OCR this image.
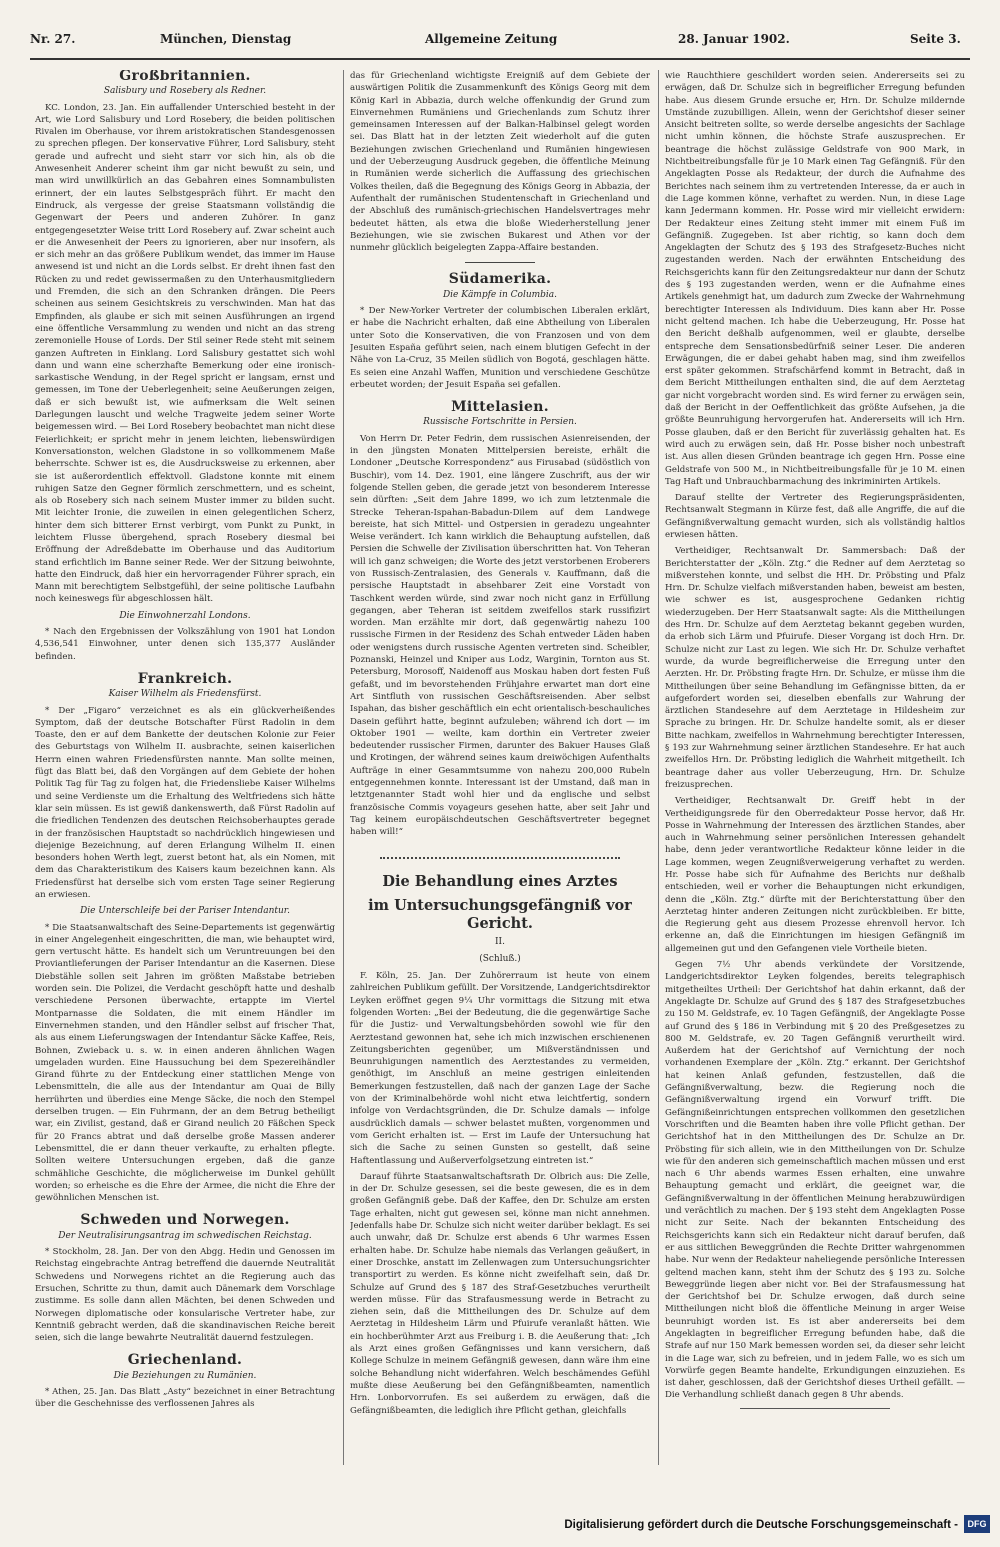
Nr. 27.	München, Dienstag	Allgemeine Zeitung	28. Januar 1902.	Seite 3.
Großbritannien.
Salisbury und Rosebery als Redner.

KC. London, 23. Jan. Ein auffallender Unterschied besteht in der Art, wie Lord Salisbury und Lord Rosebery, die beiden politischen Rivalen im Oberhause, vor ihrem aristokratischen Standesgenossen zu sprechen pflegen. Der konservative Führer, Lord Salisbury, steht gerade und aufrecht und sieht starr vor sich hin, als ob die Anwesenheit Anderer scheint ihm gar nicht bewußt zu sein, und man wird unwillkürlich an das Gebahren eines Somnambulisten erinnert, der ein lautes Selbstgespräch führt. Er macht den Eindruck, als vergesse der greise Staatsmann vollständig die Gegenwart der Peers und anderen Zuhörer. In ganz entgegengesetzter Weise tritt Lord Rosebery auf. Zwar scheint auch er die Anwesenheit der Peers zu ignorieren, aber nur insofern, als er sich mehr an das größere Publikum wendet, das immer im Hause anwesend ist und nicht an die Lords selbst. Er dreht ihnen fast den Rücken zu und redet gewissermaßen zu den Unterhausmitgliedern und Fremden, die sich an den Schranken drängen. Die Peers scheinen aus seinem Gesichtskreis zu verschwinden. Man hat das Empfinden, als glaube er sich mit seinen Ausführungen an irgend eine öffentliche Versammlung zu wenden und nicht an das streng zeremonielle House of Lords. Der Stil seiner Rede steht mit seinem ganzen Auftreten in Einklang. Lord Salisbury gestattet sich wohl dann und wann eine scherzhafte Bemerkung oder eine ironisch-sarkastische Wendung, in der Regel spricht er langsam, ernst und gemessen, im Tone der Ueberlegenheit; seine Aeußerungen zeigen, daß er sich bewußt ist, wie aufmerksam die Welt seinen Darlegungen lauscht und welche Tragweite jedem seiner Worte beigemessen wird. — Bei Lord Rosebery beobachtet man nicht diese Feierlichkeit; er spricht mehr in jenem leichten, liebenswürdigen Konversationston, welchen Gladstone in so vollkommenem Maße beherrschte. Schwer ist es, die Ausdrucksweise zu erkennen, aber sie ist außerordentlich effektvoll. Gladstone konnte mit einem ruhigen Satze den Gegner förmlich zerschmettern, und es scheint, als ob Rosebery sich nach seinem Muster immer zu bilden sucht. Mit leichter Ironie, die zuweilen in einen gelegentlichen Scherz, hinter dem sich bitterer Ernst verbirgt, vom Punkt zu Punkt, in leichtem Flusse übergehend, sprach Rosebery diesmal bei Eröffnung der Adreßdebatte im Oberhause und das Auditorium stand erfichtlich im Banne seiner Rede. Wer der Sitzung beiwohnte, hatte den Eindruck, daß hier ein hervorragender Führer sprach, ein Mann mit berechtigtem Selbstgefühl, der seine politische Laufbahn noch keineswegs für abgeschlossen hält.

Die Einwohnerzahl Londons.

* Nach den Ergebnissen der Volkszählung von 1901 hat London 4,536,541 Einwohner, unter denen sich 135,377 Ausländer befinden.

Frankreich.
Kaiser Wilhelm als Friedensfürst.

* Der „Figaro“ verzeichnet es als ein glückverheißendes Symptom, daß der deutsche Botschafter Fürst Radolin in dem Toaste, den er auf dem Bankette der deutschen Kolonie zur Feier des Geburtstags von Wilhelm II. ausbrachte, seinen kaiserlichen Herrn einen wahren Friedensfürsten nannte. Man sollte meinen, fügt das Blatt bei, daß den Vorgängen auf dem Gebiete der hohen Politik Tag für Tag zu folgen hat, die Friedensliebe Kaiser Wilhelms und seine Verdienste um die Erhaltung des Weltfriedens sich hätte klar sein müssen. Es ist gewiß dankenswerth, daß Fürst Radolin auf die friedlichen Tendenzen des deutschen Reichsoberhauptes gerade in der französischen Hauptstadt so nachdrücklich hingewiesen und diejenige Bezeichnung, auf deren Erlangung Wilhelm II. einen besonders hohen Werth legt, zuerst betont hat, als ein Nomen, mit dem das Charakteristikum des Kaisers kaum bezeichnen kann. Als Friedensfürst hat derselbe sich vom ersten Tage seiner Regierung an erwiesen.

Die Unterschleife bei der Pariser Intendantur.

* Die Staatsanwaltschaft des Seine-Departements ist gegenwärtig in einer Angelegenheit eingeschritten, die man, wie behauptet wird, gern vertuscht hätte. Es handelt sich um Veruntreuungen bei den Proviantlieferungen der Pariser Intendantur an die Kasernen. Diese Diebstähle sollen seit Jahren im größten Maßstabe betrieben worden sein. Die Polizei, die Verdacht geschöpft hatte und deshalb verschiedene Personen überwachte, ertappte im Viertel Montparnasse die Soldaten, die mit einem Händler im Einvernehmen standen, und den Händler selbst auf frischer That, als aus einem Lieferungswagen der Intendantur Säcke Kaffee, Reis, Bohnen, Zwieback u. s. w. in einen anderen ähnlichen Wagen umgeladen wurden. Eine Haussuchung bei dem Spezereihändler Girand führte zu der Entdeckung einer stattlichen Menge von Lebensmitteln, die alle aus der Intendantur am Quai de Billy herrührten und überdies eine Menge Säcke, die noch den Stempel derselben trugen. — Ein Fuhrmann, der an dem Betrug betheiligt war, ein Zivilist, gestand, daß er Girand neulich 20 Fäßchen Speck für 20 Francs abtrat und daß derselbe große Massen anderer Lebensmittel, die er dann theuer verkaufte, zu erhalten pflegte. Sollten weitere Untersuchungen ergeben, daß die ganze schmähliche Geschichte, die möglicherweise im Dunkel gehüllt worden; so erheische es die Ehre der Armee, die nicht die Ehre der gewöhnlichen Menschen ist.

Schweden und Norwegen.
Der Neutralisirungsantrag im schwedischen Reichstag.

* Stockholm, 28. Jan. Der von den Abgg. Hedin und Genossen im Reichstag eingebrachte Antrag betreffend die dauernde Neutralität Schwedens und Norwegens richtet an die Regierung auch das Ersuchen, Schritte zu thun, damit auch Dänemark dem Vorschlage zustimme. Es solle dann allen Mächten, bei denen Schweden und Norwegen diplomatische oder konsularische Vertreter habe, zur Kenntniß gebracht werden, daß die skandinavischen Reiche bereit seien, sich die lange bewahrte Neutralität dauernd festzulegen.

Griechenland.
Die Beziehungen zu Rumänien.

* Athen, 25. Jan. Das Blatt „Asty“ bezeichnet in einer Betrachtung über die Geschehnisse des verflossenen Jahres als

das für Griechenland wichtigste Ereigniß auf dem Gebiete der auswärtigen Politik die Zusammenkunft des Königs Georg mit dem König Karl in Abbazia, durch welche offenkundig der Grund zum Einvernehmen Rumäniens und Griechenlands zum Schutz ihrer gemeinsamen Interessen auf der Balkan-Halbinsel gelegt worden sei. Das Blatt hat in der letzten Zeit wiederholt auf die guten Beziehungen zwischen Griechenland und Rumänien hingewiesen und der Ueberzeugung Ausdruck gegeben, die öffentliche Meinung in Rumänien werde sicherlich die Auffassung des griechischen Volkes theilen, daß die Begegnung des Königs Georg in Abbazia, der Aufenthalt der rumänischen Studentenschaft in Griechenland und der Abschluß des rumänisch-griechischen Handelsvertrages mehr bedeutet hätten, als etwa die bloße Wiederherstellung jener Beziehungen, wie sie zwischen Bukarest und Athen vor der nunmehr glücklich beigelegten Zappa-Affaire bestanden.

Südamerika.
Die Kämpfe in Columbia.

* Der New-Yorker Vertreter der columbischen Liberalen erklärt, er habe die Nachricht erhalten, daß eine Abtheilung von Liberalen unter Soto die Konservativen, die von Franzosen und von dem Jesuiten España geführt seien, nach einem blutigen Gefecht in der Nähe von La-Cruz, 35 Meilen südlich von Bogotá, geschlagen hätte. Es seien eine Anzahl Waffen, Munition und verschiedene Geschütze erbeutet worden; der Jesuit España sei gefallen.

Mittelasien.
Russische Fortschritte in Persien.

Von Herrn Dr. Peter Fedrin, dem russischen Asienreisenden, der in den jüngsten Monaten Mittelpersien bereiste, erhält die Londoner „Deutsche Korrespondenz“ aus Firusabad (südöstlich von Buschir), vom 14. Dez. 1901, eine längere Zuschrift, aus der wir folgende Stellen geben, die gerade jetzt von besonderem Interesse sein dürften: „Seit dem Jahre 1899, wo ich zum letztenmale die Strecke Teheran-Ispahan-Babadun-Dilem auf dem Landwege bereiste, hat sich Mittel- und Ostpersien in geradezu ungeahnter Weise verändert. Ich kann wirklich die Behauptung aufstellen, daß Persien die Schwelle der Zivilisation überschritten hat. Von Teheran will ich ganz schweigen; die Worte des jetzt verstorbenen Eroberers von Russisch-Zentralasien, des Generals v. Kauffmann, daß die persische Hauptstadt in absehbarer Zeit eine Vorstadt von Taschkent werden würde, sind zwar noch nicht ganz in Erfüllung gegangen, aber Teheran ist seitdem zweifellos stark russifizirt worden. Man erzählte mir dort, daß gegenwärtig nahezu 100 russische Firmen in der Residenz des Schah entweder Läden haben oder wenigstens durch russische Agenten vertreten sind. Scheibler, Poznanski, Heinzel und Kniper aus Lodz, Warginin, Tornton aus St. Petersburg, Morosoff, Naidenoff aus Moskau haben dort festen Fuß gefaßt, und im bevorstehenden Frühjahre erwartet man dort eine Art Sintfluth von russischen Geschäftsreisenden. Aber selbst Ispahan, das bisher geschäftlich ein echt orientalisch-beschauliches Dasein geführt hatte, beginnt aufzuleben; während ich dort — im Oktober 1901 — weilte, kam dorthin ein Vertreter zweier bedeutender russischer Firmen, darunter des Bakuer Hauses Glaß und Krotingen, der während seines kaum dreiwöchigen Aufenthalts Aufträge in einer Gesammtsumme von nahezu 200,000 Rubeln entgegennehmen konnte. Interessant ist der Umstand, daß man in letztgenannter Stadt wohl hier und da englische und selbst französische Commis voyageurs gesehen hatte, aber seit Jahr und Tag keinem europäischdeutschen Geschäftsvertreter begegnet haben will!“

Die Behandlung eines Arztes
im Untersuchungsgefängniß vor Gericht.
II.
(Schluß.)

F. Köln, 25. Jan. Der Zuhörerraum ist heute von einem zahlreichen Publikum gefüllt. Der Vorsitzende, Landgerichtsdirektor Leyken eröffnet gegen 9¼ Uhr vormittags die Sitzung mit etwa folgenden Worten: „Bei der Bedeutung, die die gegenwärtige Sache für die Justiz- und Verwaltungsbehörden sowohl wie für den Aerztestand gewonnen hat, sehe ich mich inzwischen erschienenen Zeitungsberichten gegenüber, um Mißverständnissen und Beunruhigungen namentlich des Aerztestandes zu vermeiden, genöthigt, im Anschluß an meine gestrigen einleitenden Bemerkungen festzustellen, daß nach der ganzen Lage der Sache von der Kriminalbehörde wohl nicht etwa leichtfertig, sondern infolge von Verdachtsgründen, die Dr. Schulze damals — infolge ausdrücklich damals — schwer belastet mußten, vorgenommen und vom Gericht erhalten ist. — Erst im Laufe der Untersuchung hat sich die Sache zu seinen Gunsten so gestellt, daß seine Haftentlassung und Außerverfolgsetzung eintreten ist.“

Darauf führte Staatsanwaltschaftsrath Dr. Olbrich aus: Die Zelle, in der Dr. Schulze gesessen, sei die beste gewesen, die es in dem großen Gefängniß gebe. Daß der Kaffee, den Dr. Schulze am ersten Tage erhalten, nicht gut gewesen sei, könne man nicht annehmen. Jedenfalls habe Dr. Schulze sich nicht weiter darüber beklagt. Es sei auch unwahr, daß Dr. Schulze erst abends 6 Uhr warmes Essen erhalten habe. Dr. Schulze habe niemals das Verlangen geäußert, in einer Droschke, anstatt im Zellenwagen zum Untersuchungsrichter transportirt zu werden. Es könne nicht zweifelhaft sein, daß Dr. Schulze auf Grund des § 187 des Straf-Gesetzbuches verurtheilt werden müsse. Für das Strafausmessung werde in Betracht zu ziehen sein, daß die Mittheilungen des Dr. Schulze auf dem Aerztetag in Hildesheim Lärm und Pfuirufe veranlaßt hätten. Wie ein hochberühmter Arzt aus Freiburg i. B. die Aeußerung that: „Ich als Arzt eines großen Gefängnisses und kann versichern, daß Kollege Schulze in meinem Gefängniß gewesen, dann wäre ihm eine solche Behandlung nicht widerfahren. Welch beschämendes Gefühl mußte diese Aeußerung bei den Gefängnißbeamten, namentlich Hrn. Lonborvorrufen. Es sei außerdem zu erwägen, daß die Gefängnißbeamten, die lediglich ihre Pflicht gethan, gleichfalls

wie Rauchthiere geschildert worden seien. Andererseits sei zu erwägen, daß Dr. Schulze sich in begreiflicher Erregung befunden habe. Aus diesem Grunde ersuche er, Hrn. Dr. Schulze mildernde Umstände zuzubilligen. Allein, wenn der Gerichtshof dieser seiner Ansicht beitreten sollte, so werde derselbe angesichts der Sachlage nicht umhin können, die höchste Strafe auszusprechen. Er beantrage die höchst zulässige Geldstrafe von 900 Mark, in Nichtbeitreibungsfalle für je 10 Mark einen Tag Gefängniß. Für den Angeklagten Posse als Redakteur, der durch die Aufnahme des Berichtes nach seinem ihm zu vertretenden Interesse, da er auch in die Lage kommen könne, verhaftet zu werden. Nun, in diese Lage kann Jedermann kommen. Hr. Posse wird mir vielleicht erwidern: Der Redakteur eines Zeitung steht immer mit einem Fuß im Gefängniß. Zugegeben. Ist aber richtig, so kann doch dem Angeklagten der Schutz des § 193 des Strafgesetz-Buches nicht zugestanden werden. Nach der erwähnten Entscheidung des Reichsgerichts kann für den Zeitungsredakteur nur dann der Schutz des § 193 zugestanden werden, wenn er die Aufnahme eines Artikels genehmigt hat, um dadurch zum Zwecke der Wahrnehmung berechtigter Interessen als Individuum. Dies kann aber Hr. Posse nicht geltend machen. Ich habe die Ueberzeugung, Hr. Posse hat den Bericht deßhalb aufgenommen, weil er glaubte, derselbe entspreche dem Sensationsbedürfniß seiner Leser. Die anderen Erwägungen, die er dabei gehabt haben mag, sind ihm zweifellos erst später gekommen. Strafschärfend kommt in Betracht, daß in dem Bericht Mittheilungen enthalten sind, die auf dem Aerztetag gar nicht vorgebracht worden sind. Es wird ferner zu erwägen sein, daß der Bericht in der Oeffentlichkeit das größte Aufsehen, ja die größte Beunruhigung hervorgerufen hat. Andererseits will ich Hrn. Posse glauben, daß er den Bericht für zuverlässig gehalten hat. Es wird auch zu erwägen sein, daß Hr. Posse bisher noch unbestraft ist. Aus allen diesen Gründen beantrage ich gegen Hrn. Posse eine Geldstrafe von 500 M., in Nichtbeitreibungsfalle für je 10 M. einen Tag Haft und Unbrauchbarmachung des inkriminirten Artikels.

Darauf stellte der Vertreter des Regierungspräsidenten, Rechtsanwalt Stegmann in Kürze fest, daß alle Angriffe, die auf die Gefängnißverwaltung gemacht wurden, sich als vollständig haltlos erwiesen hätten.

Vertheidiger, Rechtsanwalt Dr. Sammersbach: Daß der Berichterstatter der „Köln. Ztg.“ die Redner auf dem Aerztetag so mißverstehen konnte, und selbst die HH. Dr. Pröbsting und Pfalz Hrn. Dr. Schulze vielfach mißverstanden haben, beweist am besten, wie schwer es ist, ausgesprochene Gedanken richtig wiederzugeben. Der Herr Staatsanwalt sagte: Als die Mittheilungen des Hrn. Dr. Schulze auf dem Aerztetag bekannt gegeben wurden, da erhob sich Lärm und Pfuirufe. Dieser Vorgang ist doch Hrn. Dr. Schulze nicht zur Last zu legen. Wie sich Hr. Dr. Schulze verhaftet wurde, da wurde begreiflicherweise die Erregung unter den Aerzten. Hr. Dr. Pröbsting fragte Hrn. Dr. Schulze, er müsse ihm die Mittheilungen über seine Behandlung im Gefängnisse bitten, da er aufgefordert worden sei, dieselben ebenfalls zur Wahrung der ärztlichen Standesehre auf dem Aerztetage in Hildesheim zur Sprache zu bringen. Hr. Dr. Schulze handelte somit, als er dieser Bitte nachkam, zweifellos in Wahrnehmung berechtigter Interessen, § 193 zur Wahrnehmung seiner ärztlichen Standesehre. Er hat auch zweifellos Hrn. Dr. Pröbsting lediglich die Wahrheit mitgetheilt. Ich beantrage daher aus voller Ueberzeugung, Hrn. Dr. Schulze freizusprechen.

Vertheidiger, Rechtsanwalt Dr. Greiff hebt in der Vertheidigungsrede für den Oberredakteur Posse hervor, daß Hr. Posse in Wahrnehmung der Interessen des ärztlichen Standes, aber auch in Wahrnehmung seiner persönlichen Interessen gehandelt habe, denn jeder verantwortliche Redakteur könne leider in die Lage kommen, wegen Zeugnißverweigerung verhaftet zu werden. Hr. Posse habe sich für Aufnahme des Berichts nur deßhalb entschieden, weil er vorher die Behauptungen nicht erkundigen, denn die „Köln. Ztg.“ dürfte mit der Berichterstattung über den Aerztetag hinter anderen Zeitungen nicht zurückbleiben. Er bitte, die Regierung geht aus diesem Prozesse ehrenvoll hervor. Ich erkenne an, daß die Einrichtungen im hiesigen Gefängniß im allgemeinen gut und den Gefangenen viele Vortheile bieten.

Gegen 7½ Uhr abends verkündete der Vorsitzende, Landgerichtsdirektor Leyken folgendes, bereits telegraphisch mitgetheiltes Urtheil: Der Gerichtshof hat dahin erkannt, daß der Angeklagte Dr. Schulze auf Grund des § 187 des Strafgesetzbuches zu 150 M. Geldstrafe, ev. 10 Tagen Gefängniß, der Angeklagte Posse auf Grund des § 186 in Verbindung mit § 20 des Preßgesetzes zu 800 M. Geldstrafe, ev. 20 Tagen Gefängniß verurtheilt wird. Außerdem hat der Gerichtshof auf Vernichtung der noch vorhandenen Exemplare der „Köln. Ztg.“ erkannt. Der Gerichtshof hat keinen Anlaß gefunden, festzustellen, daß die Gefängnißverwaltung, bezw. die Regierung noch die Gefängnißverwaltung irgend ein Vorwurf trifft. Die Gefängnißeinrichtungen entsprechen vollkommen den gesetzlichen Vorschriften und die Beamten haben ihre volle Pflicht gethan. Der Gerichtshof hat in den Mittheilungen des Dr. Schulze an Dr. Pröbsting für sich allein, wie in den Mittheilungen von Dr. Schulze wie für den anderen sich gemeinschaftlich machen müssen und erst nach 6 Uhr abends warmes Essen erhalten, eine unwahre Behauptung gemacht und erklärt, die geeignet war, die Gefängnißverwaltung in der öffentlichen Meinung herabzuwürdigen und verächtlich zu machen. Der § 193 steht dem Angeklagten Posse nicht zur Seite. Nach der bekannten Entscheidung des Reichsgerichts kann sich ein Redakteur nicht darauf berufen, daß er aus sittlichen Beweggründen die Rechte Dritter wahrgenommen habe. Nur wenn der Redakteur naheliegende persönliche Interessen geltend machen kann, steht ihm der Schutz des § 193 zu. Solche Beweggründe liegen aber nicht vor. Bei der Strafausmessung hat der Gerichtshof bei Dr. Schulze erwogen, daß durch seine Mittheilungen nicht bloß die öffentliche Meinung in arger Weise beunruhigt worden ist. Es ist aber andererseits bei dem Angeklagten in begreiflicher Erregung befunden habe, daß die Strafe auf nur 150 Mark bemessen worden sei, da dieser sehr leicht in die Lage war, sich zu befreien, und in jedem Falle, wo es sich um Vorwürfe gegen Beamte handelte, Erkundigungen einzuziehen. Es ist daher, geschlossen, daß der Gerichtshof dieses Urtheil gefällt. — Die Verhandlung schließt danach gegen 8 Uhr abends.

Digitalisierung gefördert durch die Deutsche Forschungsgemeinschaft -	DFG
